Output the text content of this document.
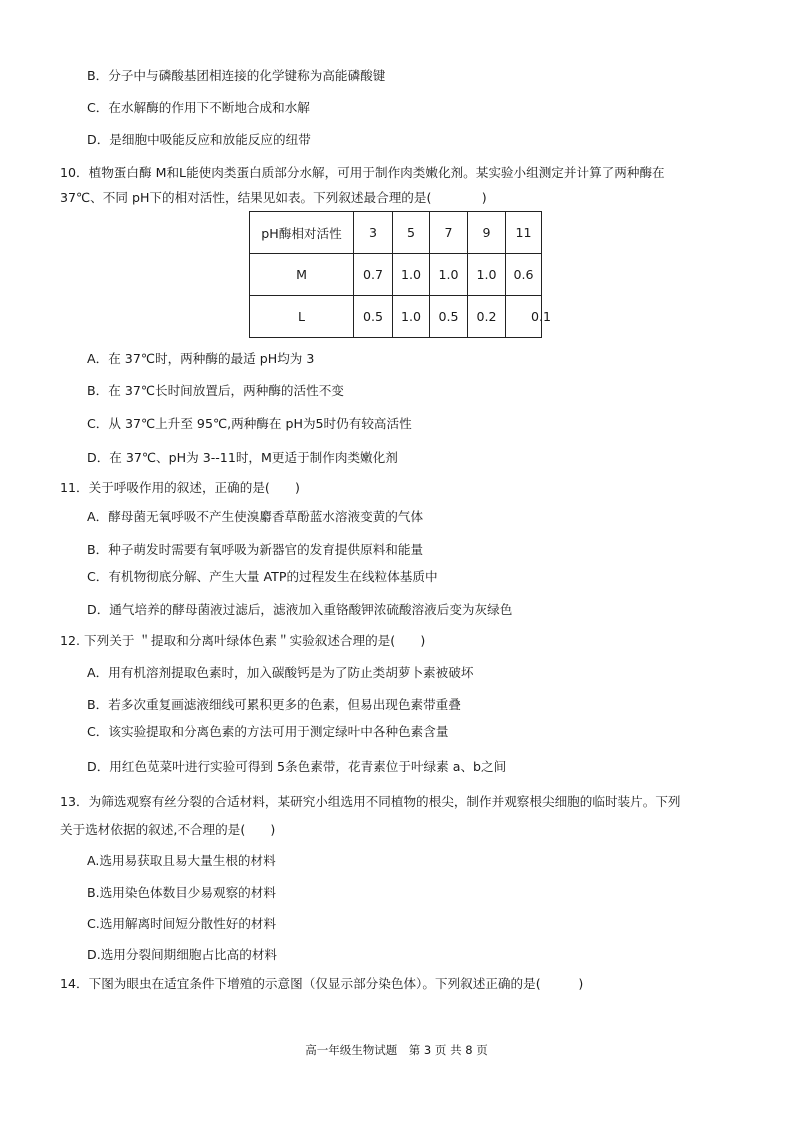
B．分子中与磷酸基团相连接的化学键称为高能磷酸键
C．在水解酶的作用下不断地合成和水解
D．是细胞中吸能反应和放能反应的纽带
10．植物蛋白酶 M和L能使肉类蛋白质部分水解，可用于制作肉类嫩化剂。某实验小组测定并计算了两种酶在
37℃、不同 pH下的相对活性，结果见如表。下列叙述最合理的是(　　　　)
pH酶相对活性	3	5	7	9	11
M	0.7	1.0	1.0	1.0	0.6
L	0.5	1.0	0.5	0.2	0.1
A．在 37℃时，两种酶的最适 pH均为 3
B．在 37℃长时间放置后，两种酶的活性不变
C．从 37℃上升至 95℃,两种酶在 pH为5时仍有较高活性
D．在 37℃、pH为 3--11时，M更适于制作肉类嫩化剂
11．关于呼吸作用的叙述，正确的是(　　)
A．酵母菌无氧呼吸不产生使溴麝香草酚蓝水溶液变黄的气体
B．种子萌发时需要有氧呼吸为新器官的发育提供原料和能量
C．有机物彻底分解、产生大量 ATP的过程发生在线粒体基质中
D．通气培养的酵母菌液过滤后，滤液加入重铬酸钾浓硫酸溶液后变为灰绿色
12. 下列关于 ＂提取和分离叶绿体色素＂实验叙述合理的是(　　)
A．用有机溶剂提取色素时，加入碳酸钙是为了防止类胡萝卜素被破坏
B．若多次重复画滤液细线可累积更多的色素，但易出现色素带重叠
C．该实验提取和分离色素的方法可用于测定绿叶中各种色素含量
D．用红色苋菜叶进行实验可得到 5条色素带，花青素位于叶绿素 a、b之间
13．为筛选观察有丝分裂的合适材料，某研究小组选用不同植物的根尖，制作并观察根尖细胞的临时装片。下列
关于选材依据的叙述,不合理的是(　　)
A.选用易获取且易大量生根的材料
B.选用染色体数目少易观察的材料
C.选用解离时间短分散性好的材料
D.选用分裂间期细胞占比高的材料
14．下图为眼虫在适宜条件下增殖的示意图（仅显示部分染色体）。下列叙述正确的是(　　　)
高一年级生物试题　第 3 页 共 8 页
